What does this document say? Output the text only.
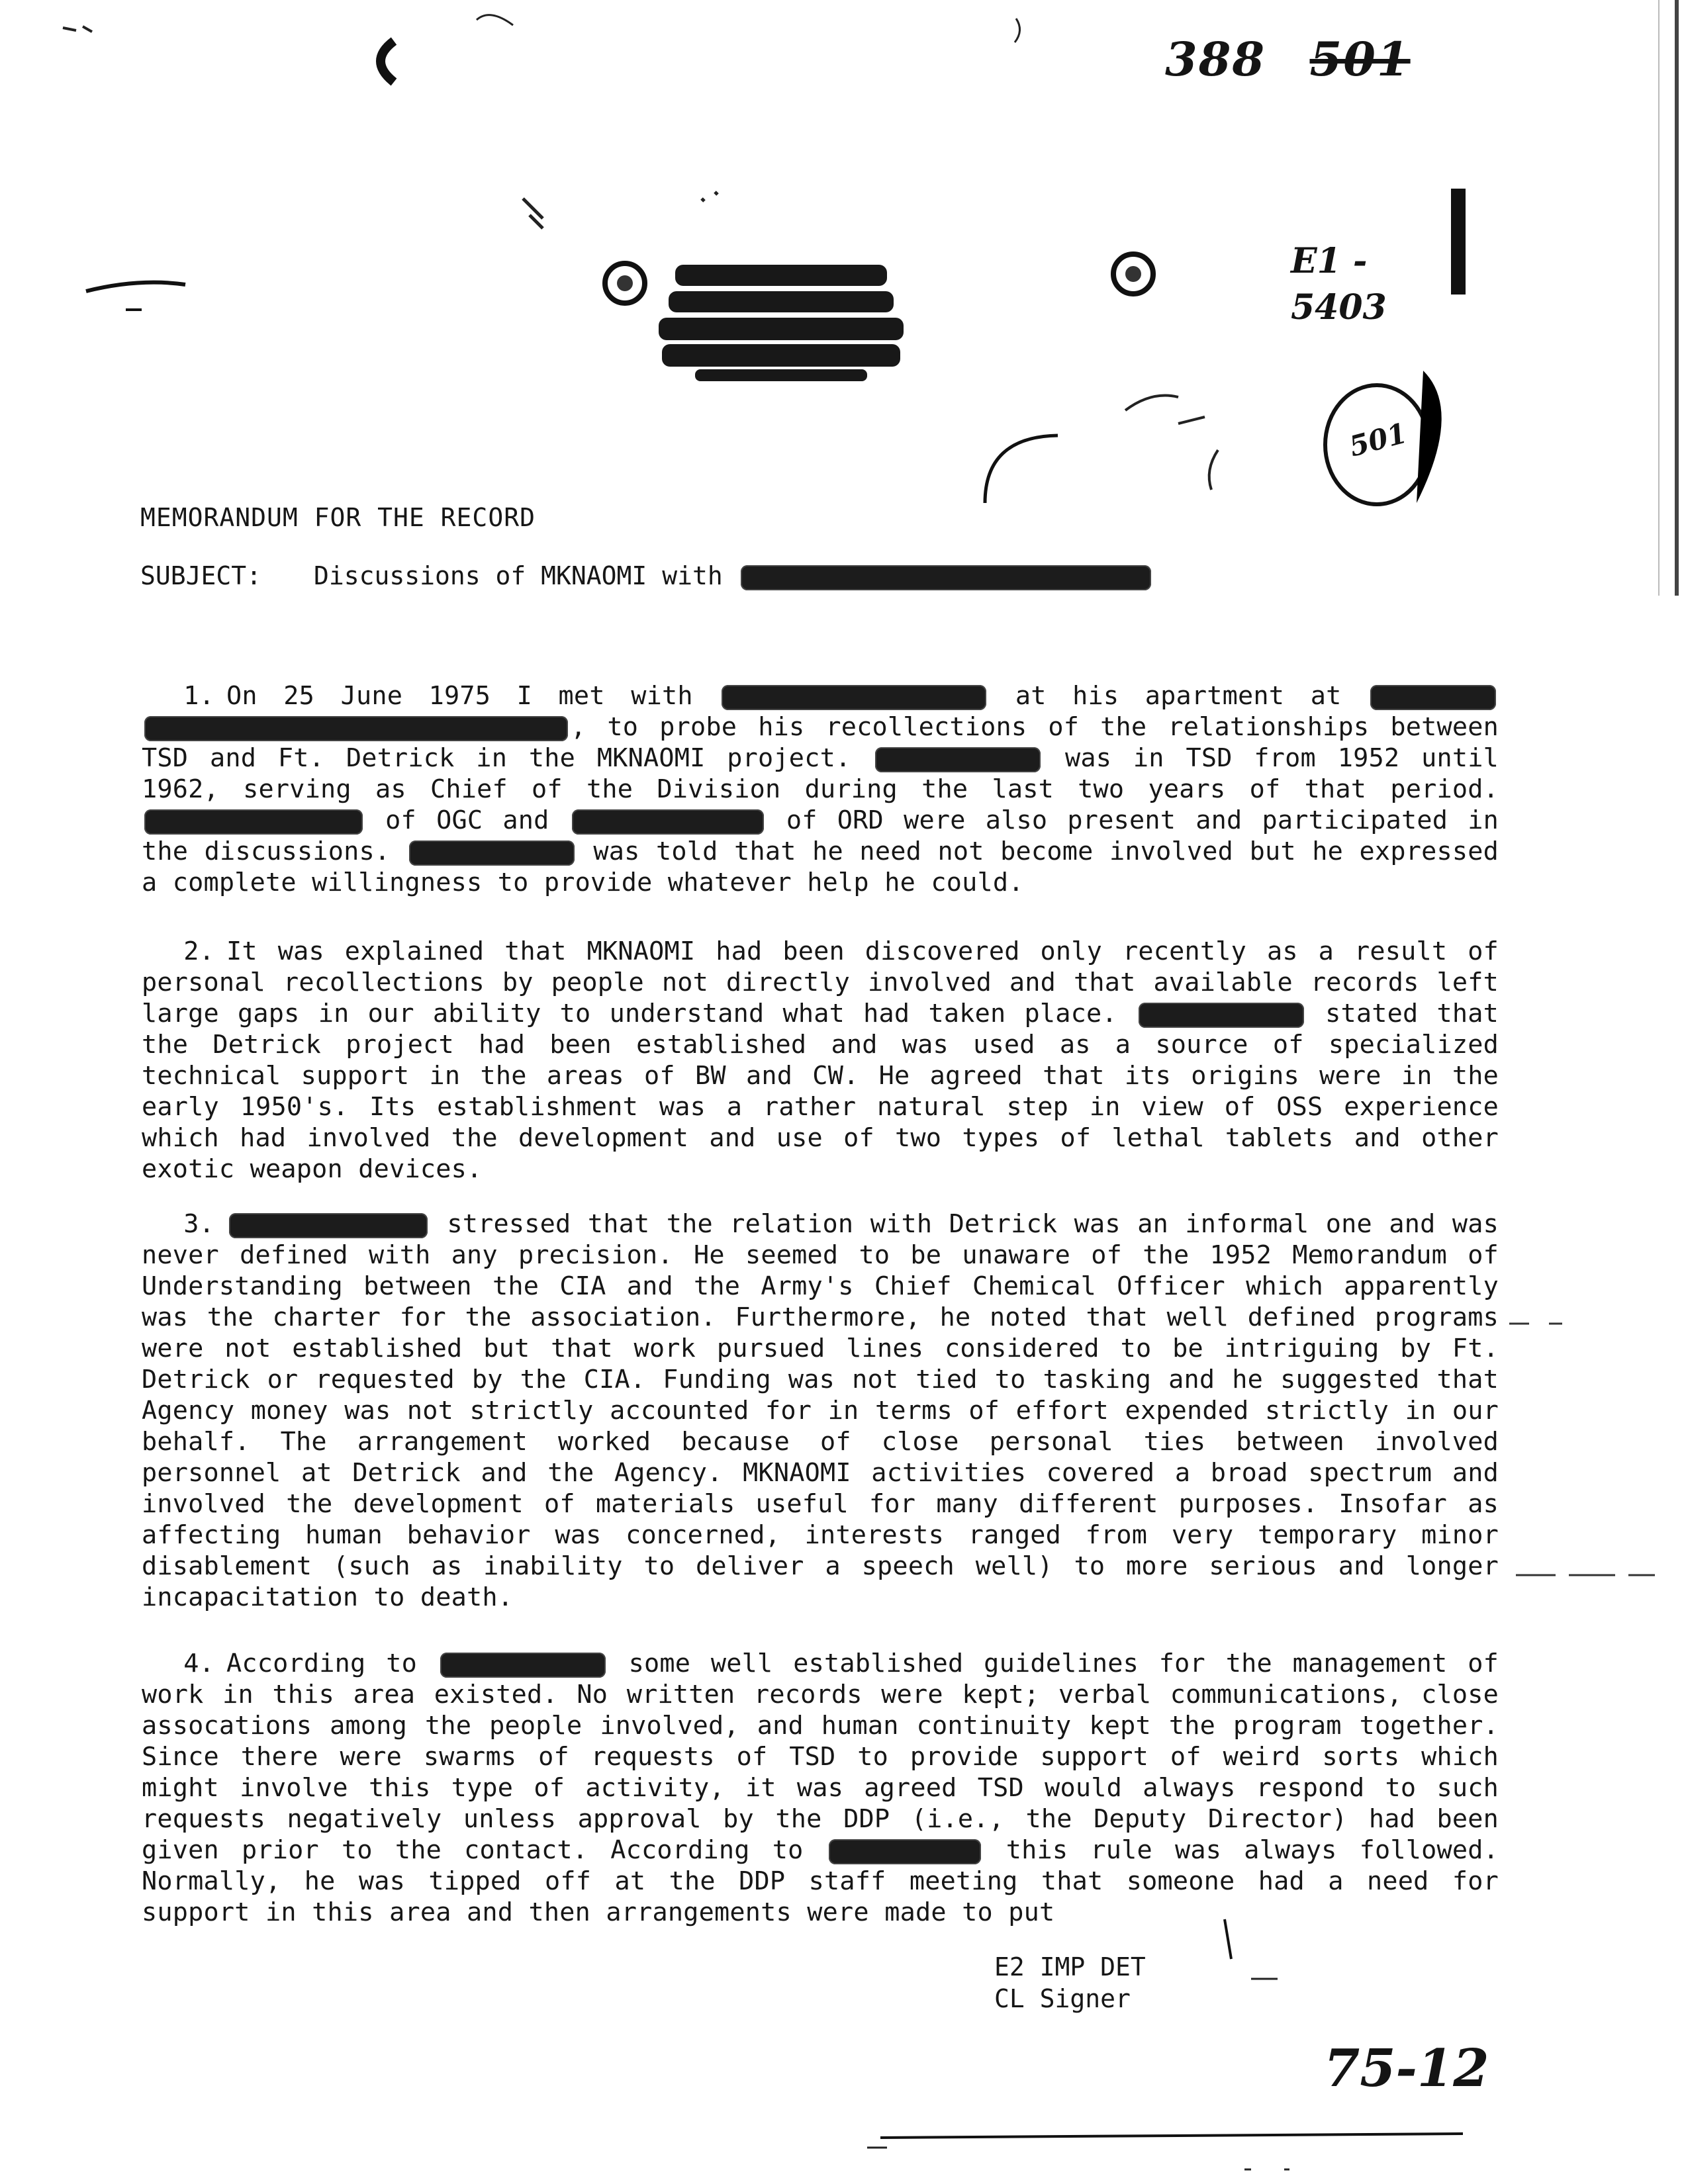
388 501
E1 - 5403
501
MEMORANDUM FOR THE RECORD
SUBJECT: Discussions of MKNAOMI with
1. On 25 June 1975 I met with	at his apartment at  , to probe his recollections of the relationships between TSD and Ft. Detrick in the MKNAOMI project.	was in TSD from 1952 until 1962, serving as Chief of the Division during the last two years of that period.  of OGC and	of ORD were also present and participated in the discussions.	was told that he need not become involved but he expressed a complete willingness to provide whatever help he could.
2. It was explained that MKNAOMI had been discovered only recently as a result of personal recollections by people not directly involved and that available records left large gaps in our ability to understand what had taken place.	stated that the Detrick project had been established and was used as a source of specialized technical support in the areas of BW and CW. He agreed that its origins were in the early 1950's. Its establishment was a rather natural step in view of OSS experience which had involved the development and use of two types of lethal tablets and other exotic weapon devices.
3.	stressed that the relation with Detrick was an informal one and was never defined with any precision. He seemed to be unaware of the 1952 Memorandum of Understanding between the CIA and the Army's Chief Chemical Officer which apparently was the charter for the association. Furthermore, he noted that well defined programs were not established but that work pursued lines considered to be intriguing by Ft. Detrick or requested by the CIA. Funding was not tied to tasking and he suggested that Agency money was not strictly accounted for in terms of effort expended strictly in our behalf. The arrangement worked because of close personal ties between involved personnel at Detrick and the Agency. MKNAOMI activities covered a broad spectrum and involved the development of materials useful for many different purposes. Insofar as affecting human behavior was concerned, interests ranged from very temporary minor disablement (such as inability to deliver a speech well) to more serious and longer incapacitation to death.
4. According to	some well established guidelines for the management of work in this area existed. No written records were kept; verbal communications, close assocations among the people involved, and human continuity kept the program together. Since there were swarms of requests of TSD to provide support of weird sorts which might involve this type of activity, it was agreed TSD would always respond to such requests negatively unless approval by the DDP (i.e., the Deputy Director) had been given prior to the contact. According to	this rule was always followed. Normally, he was tipped off at the DDP staff meeting that someone had a need for support in this area and then arrangements were made to put
E2 IMP DET
CL Signer
75-12
